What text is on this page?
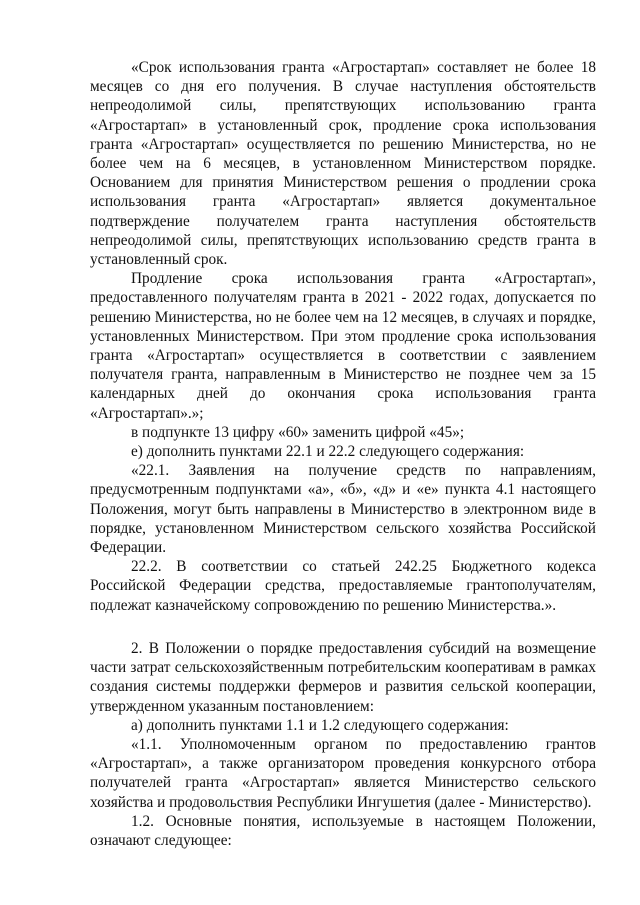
«Срок использования гранта «Агростартап» составляет не более 18 месяцев со дня его получения. В случае наступления обстоятельств непреодолимой силы, препятствующих использованию гранта «Агростартап» в установленный срок, продление срока использования гранта «Агростартап» осуществляется по решению Министерства, но не более чем на 6 месяцев, в установленном Министерством порядке. Основанием для принятия Министерством решения о продлении срока использования гранта «Агростартап» является документальное подтверждение получателем гранта наступления обстоятельств непреодолимой силы, препятствующих использованию средств гранта в установленный срок.

Продление срока использования гранта «Агростартап», предоставленного получателям гранта в 2021 - 2022 годах, допускается по решению Министерства, но не более чем на 12 месяцев, в случаях и порядке, установленных Министерством. При этом продление срока использования гранта «Агростартап» осуществляется в соответствии с заявлением получателя гранта, направленным в Министерство не позднее чем за 15 календарных дней до окончания срока использования гранта «Агростартап».»;

в подпункте 13 цифру «60» заменить цифрой «45»;

е) дополнить пунктами 22.1 и 22.2 следующего содержания:

«22.1. Заявления на получение средств по направлениям, предусмотренным подпунктами «а», «б», «д» и «е» пункта 4.1 настоящего Положения, могут быть направлены в Министерство в электронном виде в порядке, установленном Министерством сельского хозяйства Российской Федерации.

22.2. В соответствии со статьей 242.25 Бюджетного кодекса Российской Федерации средства, предоставляемые грантополучателям, подлежат казначейскому сопровождению по решению Министерства.».

2. В Положении о порядке предоставления субсидий на возмещение части затрат сельскохозяйственным потребительским кооперативам в рамках создания системы поддержки фермеров и развития сельской кооперации, утвержденном указанным постановлением:

а) дополнить пунктами 1.1 и 1.2 следующего содержания:

«1.1. Уполномоченным органом по предоставлению грантов «Агростартап», а также организатором проведения конкурсного отбора получателей гранта «Агростартап» является Министерство сельского хозяйства и продовольствия Республики Ингушетия (далее - Министерство).

1.2. Основные понятия, используемые в настоящем Положении, означают следующее:
